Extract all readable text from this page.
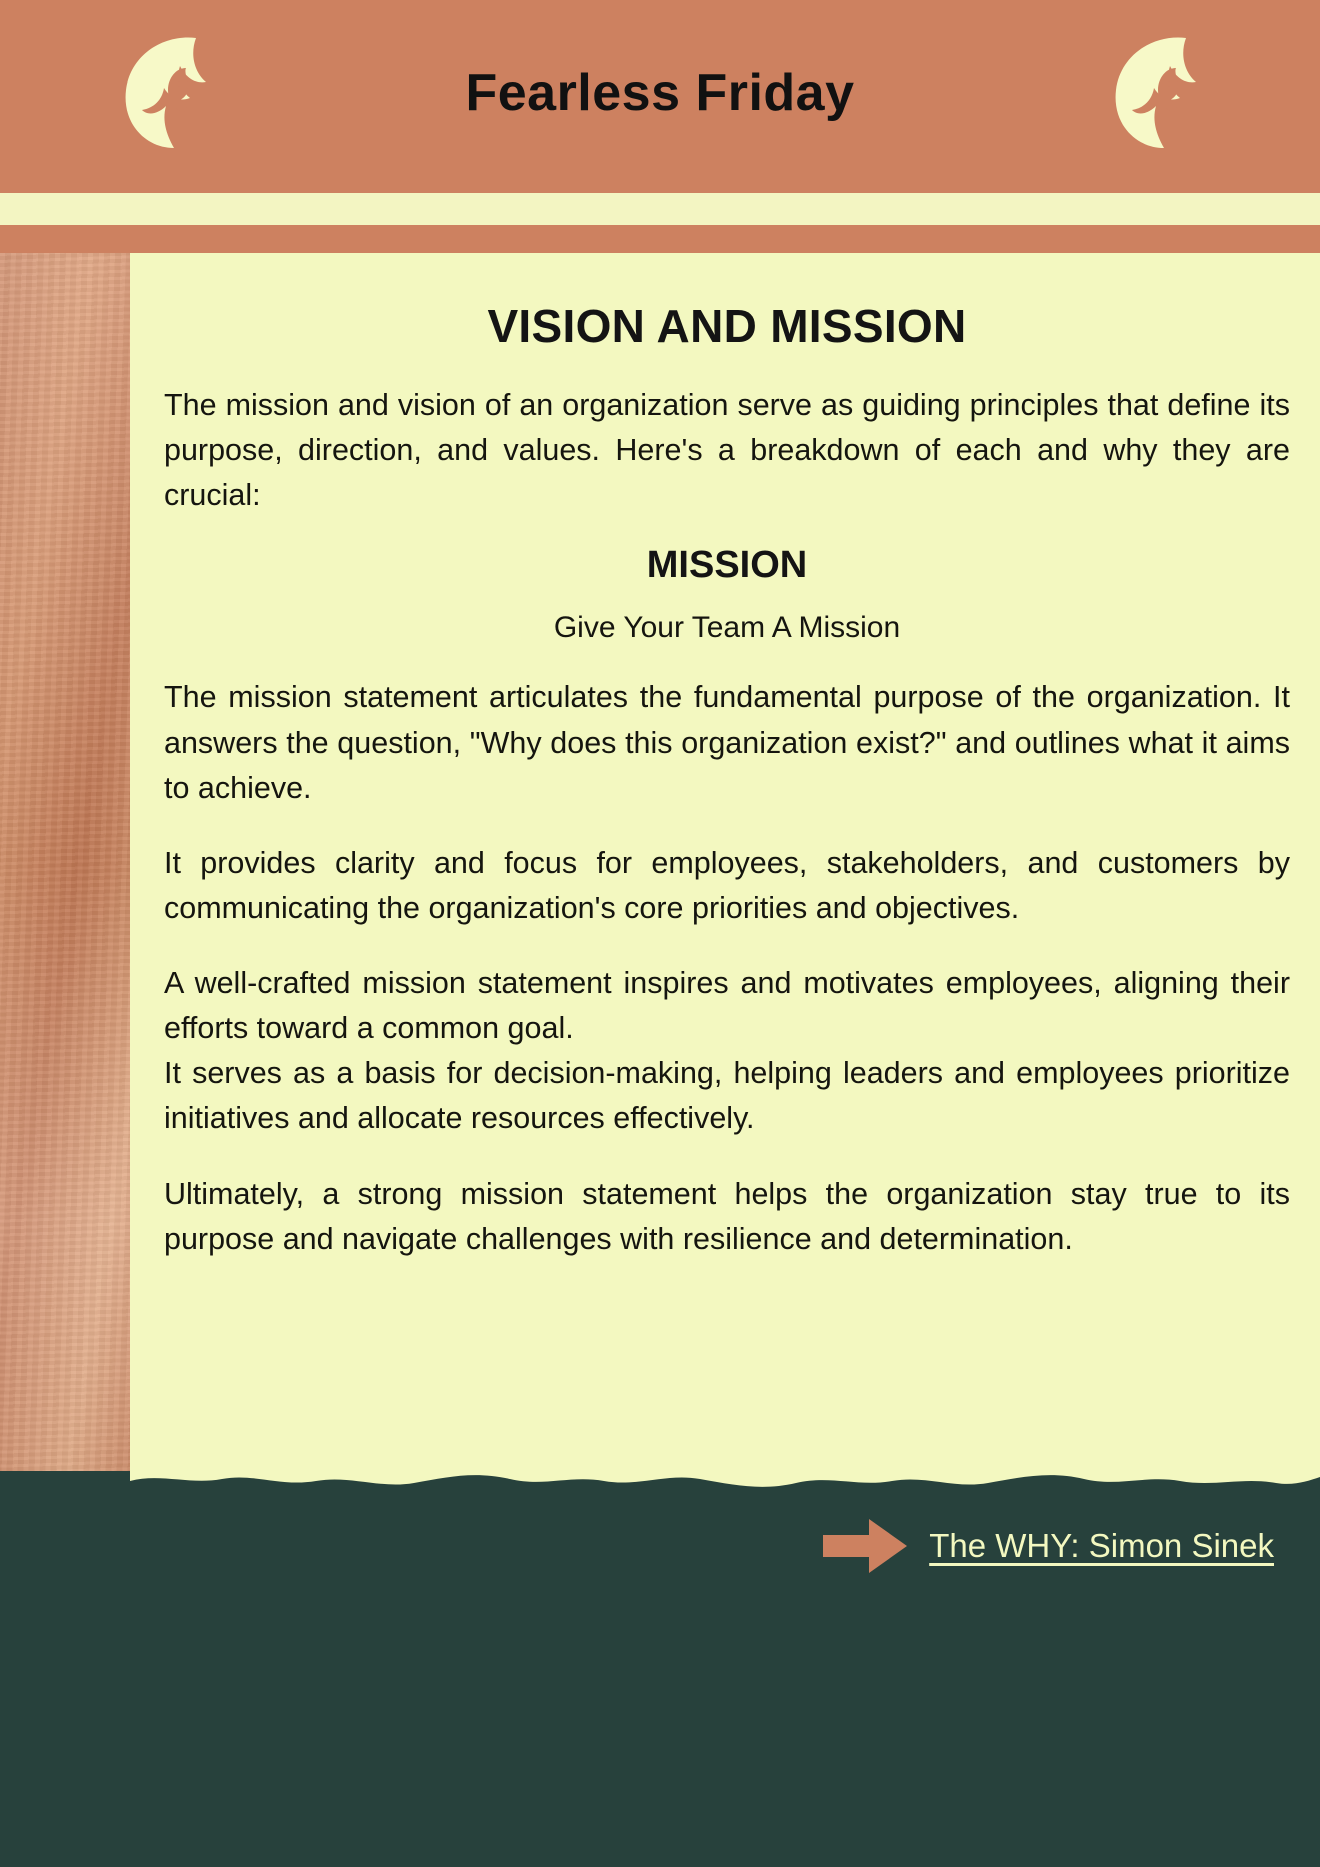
Fearless Friday
VISION AND MISSION

The mission and vision of an organization serve as guiding principles that define its purpose, direction, and values. Here's a breakdown of each and why they are crucial:

MISSION
Give Your Team A Mission

The mission statement articulates the fundamental purpose of the organization. It answers the question, "Why does this organization exist?" and outlines what it aims to achieve.

It provides clarity and focus for employees, stakeholders, and customers by communicating the organization's core priorities and objectives.

A well-crafted mission statement inspires and motivates employees, aligning their efforts toward a common goal.

It serves as a basis for decision-making, helping leaders and employees prioritize initiatives and allocate resources effectively.

Ultimately, a strong mission statement helps the organization stay true to its purpose and navigate challenges with resilience and determination.

The WHY: Simon Sinek
